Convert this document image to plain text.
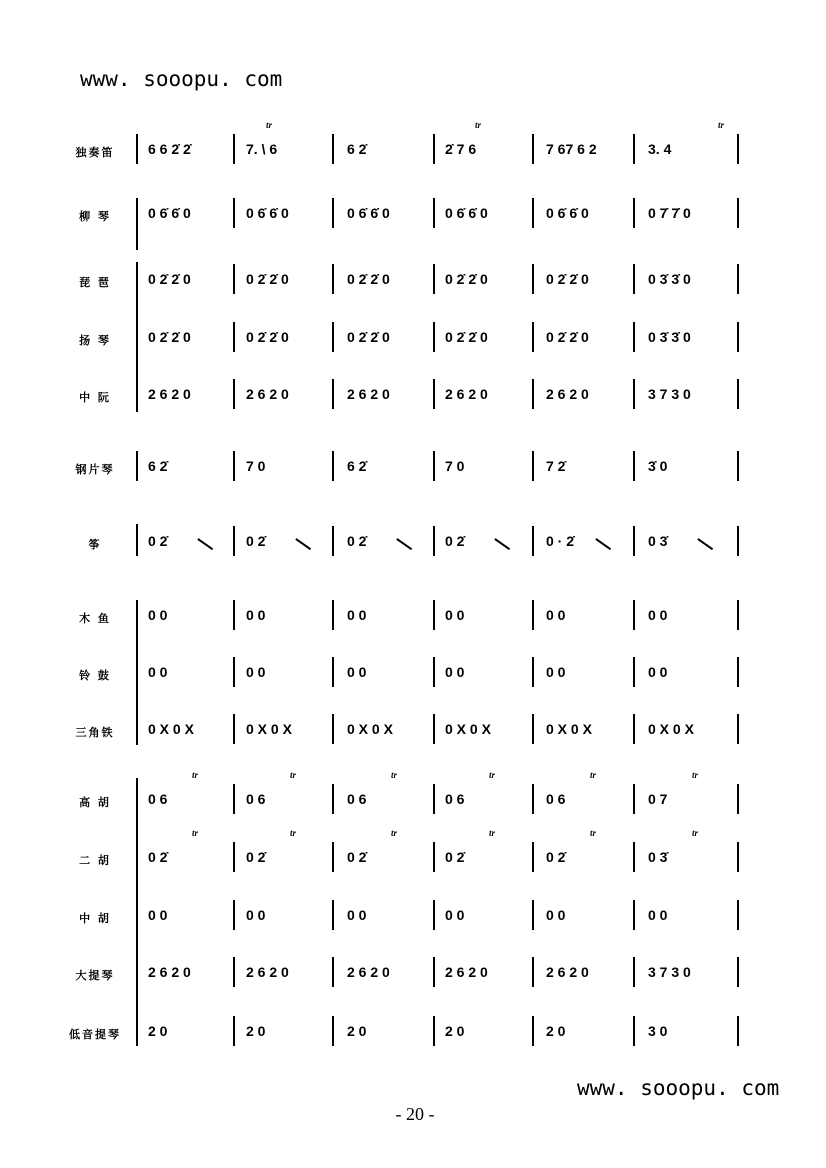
www. sooopu. com
独奏笛	6 6 2̇ 2̇	7. \ 6	6 2̇	2̇ 7 6	7 67 6 2	3. 4
tr	tr	tr
柳 琴	0 6̇ 6̇ 0	0 6̇ 6̇ 0	0 6̇ 6̇ 0	0 6̇ 6̇ 0	0 6̇ 6̇ 0	0 7̇ 7̇ 0
琵 琶	0 2̇ 2̇ 0	0 2̇ 2̇ 0	0 2̇ 2̇ 0	0 2̇ 2̇ 0	0 2̇ 2̇ 0	0 3̇ 3̇ 0
扬 琴	0 2̇ 2̇ 0	0 2̇ 2̇ 0	0 2̇ 2̇ 0	0 2̇ 2̇ 0	0 2̇ 2̇ 0	0 3̇ 3̇ 0
中 阮	2 6 2 0	2 6 2 0	2 6 2 0	2 6 2 0	2 6 2 0	3 7 3 0
钢片琴	6 2̇	7 0	6 2̇	7 0	7 2̇	3̇ 0
筝	0 2̇	0 2̇	0 2̇	0 2̇	0 · 2̇	0 3̇
木 鱼	0 0	0 0	0 0	0 0	0 0	0 0
铃 鼓	0 0	0 0	0 0	0 0	0 0	0 0
三角铁	0 X 0 X	0 X 0 X	0 X 0 X	0 X 0 X	0 X 0 X	0 X 0 X
高 胡	0 6	0 6	0 6	0 6	0 6	0 7
tr	tr	tr	tr	tr	tr
二 胡	0 2̇	0 2̇	0 2̇	0 2̇	0 2̇	0 3̇
tr	tr	tr	tr	tr	tr
中 胡	0 0	0 0	0 0	0 0	0 0	0 0
大提琴	2 6 2 0	2 6 2 0	2 6 2 0	2 6 2 0	2 6 2 0	3 7 3 0
低音提琴	2 0	2 0	2 0	2 0	2 0	3 0
www. sooopu. com
- 20 -
